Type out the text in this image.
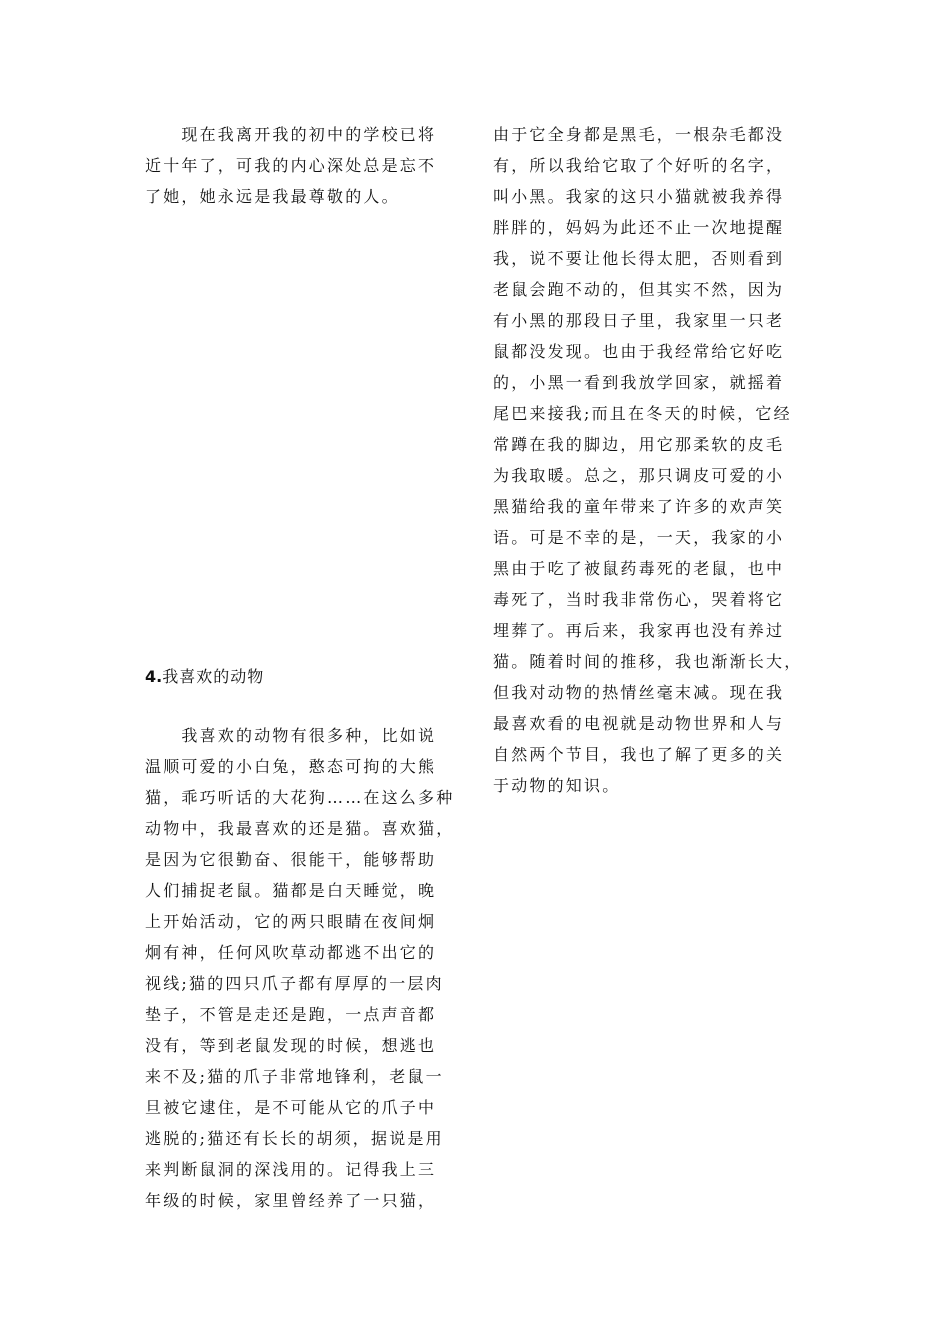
　　现在我离开我的初中的学校已将
近十年了，可我的内心深处总是忘不
了她，她永远是我最尊敬的人。
4.我喜欢的动物
　　我喜欢的动物有很多种，比如说
温顺可爱的小白兔，憨态可拘的大熊
猫，乖巧听话的大花狗……在这么多种
动物中，我最喜欢的还是猫。喜欢猫，
是因为它很勤奋、很能干，能够帮助
人们捕捉老鼠。猫都是白天睡觉，晚
上开始活动，它的两只眼睛在夜间炯
炯有神，任何风吹草动都逃不出它的
视线;猫的四只爪子都有厚厚的一层肉
垫子，不管是走还是跑，一点声音都
没有，等到老鼠发现的时候，想逃也
来不及;猫的爪子非常地锋利，老鼠一
旦被它逮住，是不可能从它的爪子中
逃脱的;猫还有长长的胡须，据说是用
来判断鼠洞的深浅用的。记得我上三
年级的时候，家里曾经养了一只猫，
由于它全身都是黑毛，一根杂毛都没
有，所以我给它取了个好听的名字，
叫小黑。我家的这只小猫就被我养得
胖胖的，妈妈为此还不止一次地提醒
我，说不要让他长得太肥，否则看到
老鼠会跑不动的，但其实不然，因为
有小黑的那段日子里，我家里一只老
鼠都没发现。也由于我经常给它好吃
的，小黑一看到我放学回家，就摇着
尾巴来接我;而且在冬天的时候，它经
常蹲在我的脚边，用它那柔软的皮毛
为我取暖。总之，那只调皮可爱的小
黑猫给我的童年带来了许多的欢声笑
语。可是不幸的是，一天，我家的小
黑由于吃了被鼠药毒死的老鼠，也中
毒死了，当时我非常伤心，哭着将它
埋葬了。再后来，我家再也没有养过
猫。随着时间的推移，我也渐渐长大，
但我对动物的热情丝毫末减。现在我
最喜欢看的电视就是动物世界和人与
自然两个节目，我也了解了更多的关
于动物的知识。
